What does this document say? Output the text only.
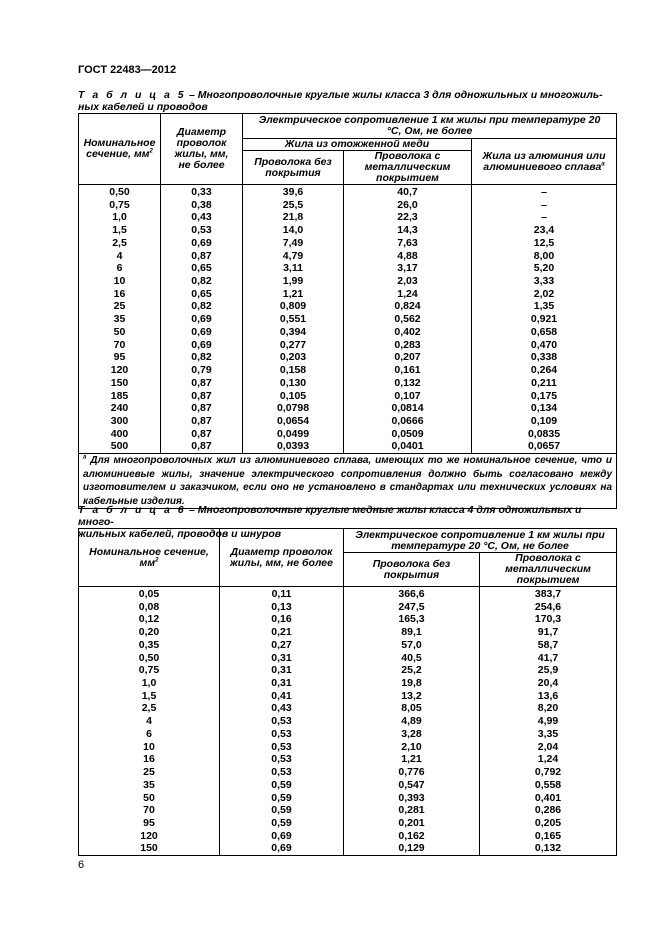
ГОСТ 22483—2012
Т а б л и ц а 5 – Многопроволочные круглые жилы класса 3 для одножильных и многожиль-
ных кабелей и проводов
Номинальное сечение, $мм^2$	Диаметр проволок жилы, мм, не более	Электрическое сопротивление 1 км жилы при температуре 20 °C, Ом, не более		
		Жила из отожженной меди		Жила из алюминия или алюминиевого сплава$^а$
		Проволока без покрытия	Проволока с металлическим покрытием	
0,50	0,33	39,6	40,7	–
0,75	0,38	25,5	26,0	–
1,0	0,43	21,8	22,3	–
1,5	0,53	14,0	14,3	23,4
2,5	0,69	7,49	7,63	12,5
4	0,87	4,79	4,88	8,00
6	0,65	3,11	3,17	5,20
10	0,82	1,99	2,03	3,33
16	0,65	1,21	1,24	2,02
25	0,82	0,809	0,824	1,35
35	0,69	0,551	0,562	0,921
50	0,69	0,394	0,402	0,658
70	0,69	0,277	0,283	0,470
95	0,82	0,203	0,207	0,338
120	0,79	0,158	0,161	0,264
150	0,87	0,130	0,132	0,211
185	0,87	0,105	0,107	0,175
240	0,87	0,0798	0,0814	0,134
300	0,87	0,0654	0,0666	0,109
400	0,87	0,0499	0,0509	0,0835
500	0,87	0,0393	0,0401	0,0657
$^а$ Для многопроволочных жил из алюминиевого сплава, имеющих то же номинальное сечение, что и алюминиевые жилы, значение электрического сопротивления должно быть согласовано между изготовителем и заказчиком, если оно не установлено в стандартах или технических условиях на кабельные изделия.				
Т а б л и ц а 6 – Многопроволочные круглые медные жилы класса 4 для одножильных и много-
жильных кабелей, проводов и шнуров
Номинальное сечение, $мм^2$	Диаметр проволок жилы, мм, не более	Электрическое сопротивление 1 км жилы при температуре 20 °C, Ом, не более	
		Проволока без покрытия	Проволока с металлическим покрытием
0,05	0,11	366,6	383,7
0,08	0,13	247,5	254,6
0,12	0,16	165,3	170,3
0,20	0,21	89,1	91,7
0,35	0,27	57,0	58,7
0,50	0,31	40,5	41,7
0,75	0,31	25,2	25,9
1,0	0,31	19,8	20,4
1,5	0,41	13,2	13,6
2,5	0,43	8,05	8,20
4	0,53	4,89	4,99
6	0,53	3,28	3,35
10	0,53	2,10	2,04
16	0,53	1,21	1,24
25	0,53	0,776	0,792
35	0,59	0,547	0,558
50	0,59	0,393	0,401
70	0,59	0,281	0,286
95	0,59	0,201	0,205
120	0,69	0,162	0,165
150	0,69	0,129	0,132
6
